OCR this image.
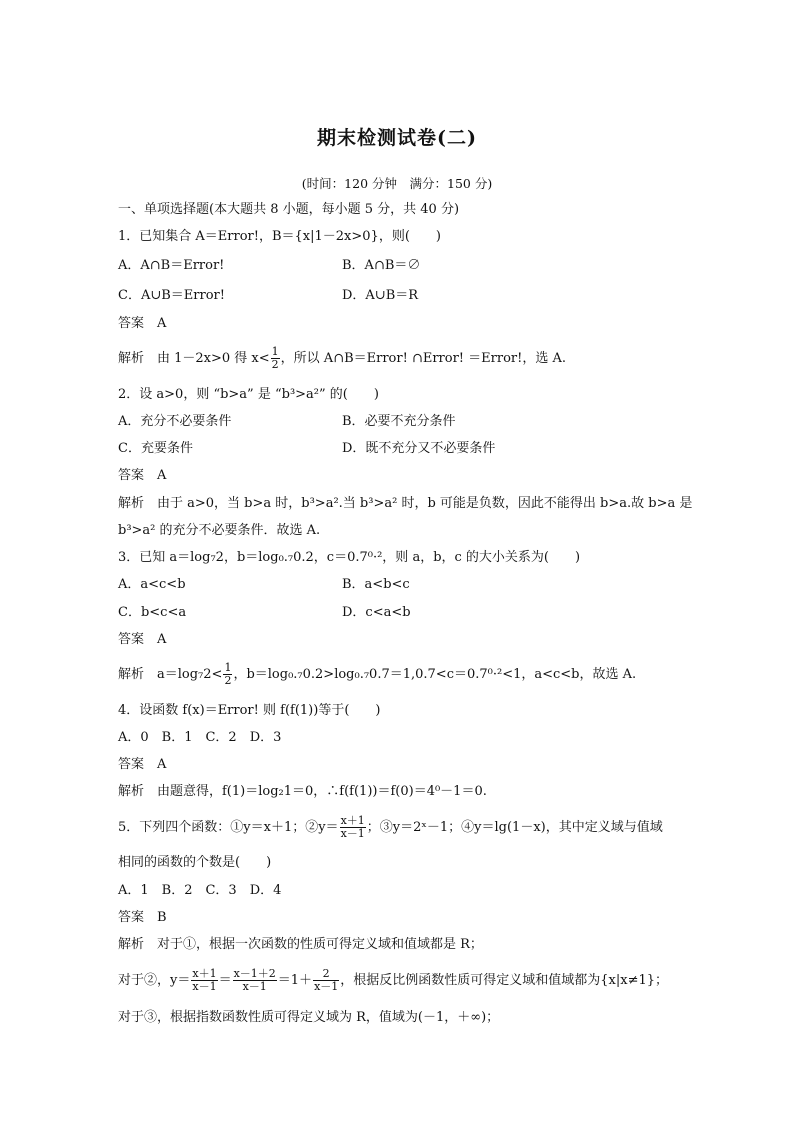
期末检测试卷(二)
(时间：120 分钟　满分：150 分)
一、单项选择题(本大题共 8 小题，每小题 5 分，共 40 分)
1．已知集合 A＝Error!，B＝{x|1－2x>0}，则(　　)
A．A∩B＝Error!	B．A∩B＝∅
C．A∪B＝Error!	D．A∪B＝R
答案　A
解析　由 1－2x>0 得 $x< \frac{1}{2}$ ，所以 A∩B＝Error! ∩Error! ＝Error!，选 A.
2．设 a>0，则 “b>a” 是 “b³>a²” 的(　　)
A．充分不必要条件	B．必要不充分条件
C．充要条件	D．既不充分又不必要条件
答案　A
解析　由于 a>0，当 b>a 时，b³>a².当 b³>a² 时，b 可能是负数，因此不能得出 b>a.故 b>a 是
b³>a² 的充分不必要条件．故选 A.
3．已知 a＝log₇2，b＝log₀.₇0.2，c＝0.7⁰·²，则 a，b，c 的大小关系为(　　)
A．a<c<b	B．a<b<c
C．b<c<a	D．c<a<b
答案　A
解析　$a=\log_72< \frac{1}{2}$ ，b＝log₀.₇0.2>log₀.₇0.7＝1,0.7<c＝0.7⁰·²<1，a<c<b，故选 A.
4．设函数 f(x)＝Error! 则 f(f(1))等于(　　)
A．0　B．1　C．2　D．3
答案　A
解析　由题意得，f(1)＝log₂1＝0，∴f(f(1))＝f(0)＝4⁰－1＝0.
5．下列四个函数：①y＝x＋1；②y＝ $\frac{x+1}{x-1}$ ；③y＝2ˣ－1；④y＝lg(1－x)，其中定义域与值域
相同的函数的个数是(　　)
A．1　B．2　C．3　D．4
答案　B
解析　对于①，根据一次函数的性质可得定义域和值域都是 R；
对于②，$y= \frac{x+1}{x-1} = \frac{x-1+2}{x-1} =1+ \frac{2}{x-1}$ ，根据反比例函数性质可得定义域和值域都为{x|x≠1}；
对于③，根据指数函数性质可得定义域为 R，值域为(－1，＋∞)；
